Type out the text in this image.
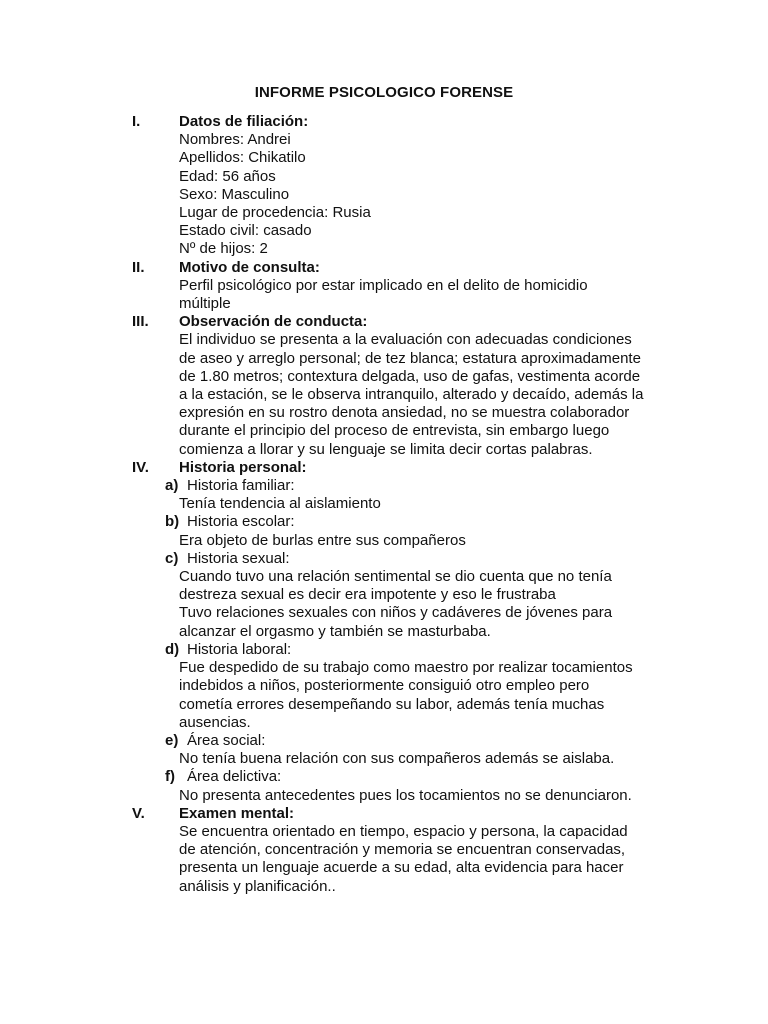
INFORME PSICOLOGICO FORENSE
I.	Datos de filiación:
Nombres: Andrei
Apellidos: Chikatilo
Edad: 56 años
Sexo: Masculino
Lugar de procedencia: Rusia
Estado civil: casado
Nº de hijos: 2
II. Motivo de consulta:
Perfil psicológico por estar implicado en el delito de homicidio
múltiple
III. Observación de conducta:
El individuo se presenta a la evaluación con adecuadas condiciones
de aseo y arreglo personal; de tez blanca; estatura aproximadamente
de 1.80 metros; contextura delgada, uso de gafas, vestimenta acorde
a la estación, se le observa intranquilo, alterado y decaído, además la
expresión en su rostro denota ansiedad, no se muestra colaborador
durante el principio del proceso de entrevista, sin embargo luego
comienza a llorar y su lenguaje se limita decir cortas palabras.
IV. Historia personal:
a) Historia familiar:
Tenía tendencia al aislamiento
b) Historia escolar:
Era objeto de burlas entre sus compañeros
c) Historia sexual:
Cuando tuvo una relación sentimental se dio cuenta que no tenía
destreza sexual es decir era impotente y eso le frustraba
Tuvo relaciones sexuales con niños y cadáveres de jóvenes para
alcanzar el orgasmo y también se masturbaba.
d) Historia laboral:
Fue despedido de su trabajo como maestro por realizar tocamientos
indebidos a niños, posteriormente consiguió otro empleo pero
cometía errores desempeñando su labor, además tenía muchas
ausencias.
e) Área social:
No tenía buena relación con sus compañeros además se aislaba.
f) Área delictiva:
No presenta antecedentes pues los tocamientos no se denunciaron.
V. Examen mental:
Se encuentra orientado en tiempo, espacio y persona, la capacidad
de atención, concentración y memoria se encuentran conservadas,
presenta un lenguaje acuerde a su edad, alta evidencia para hacer
análisis y planificación..
